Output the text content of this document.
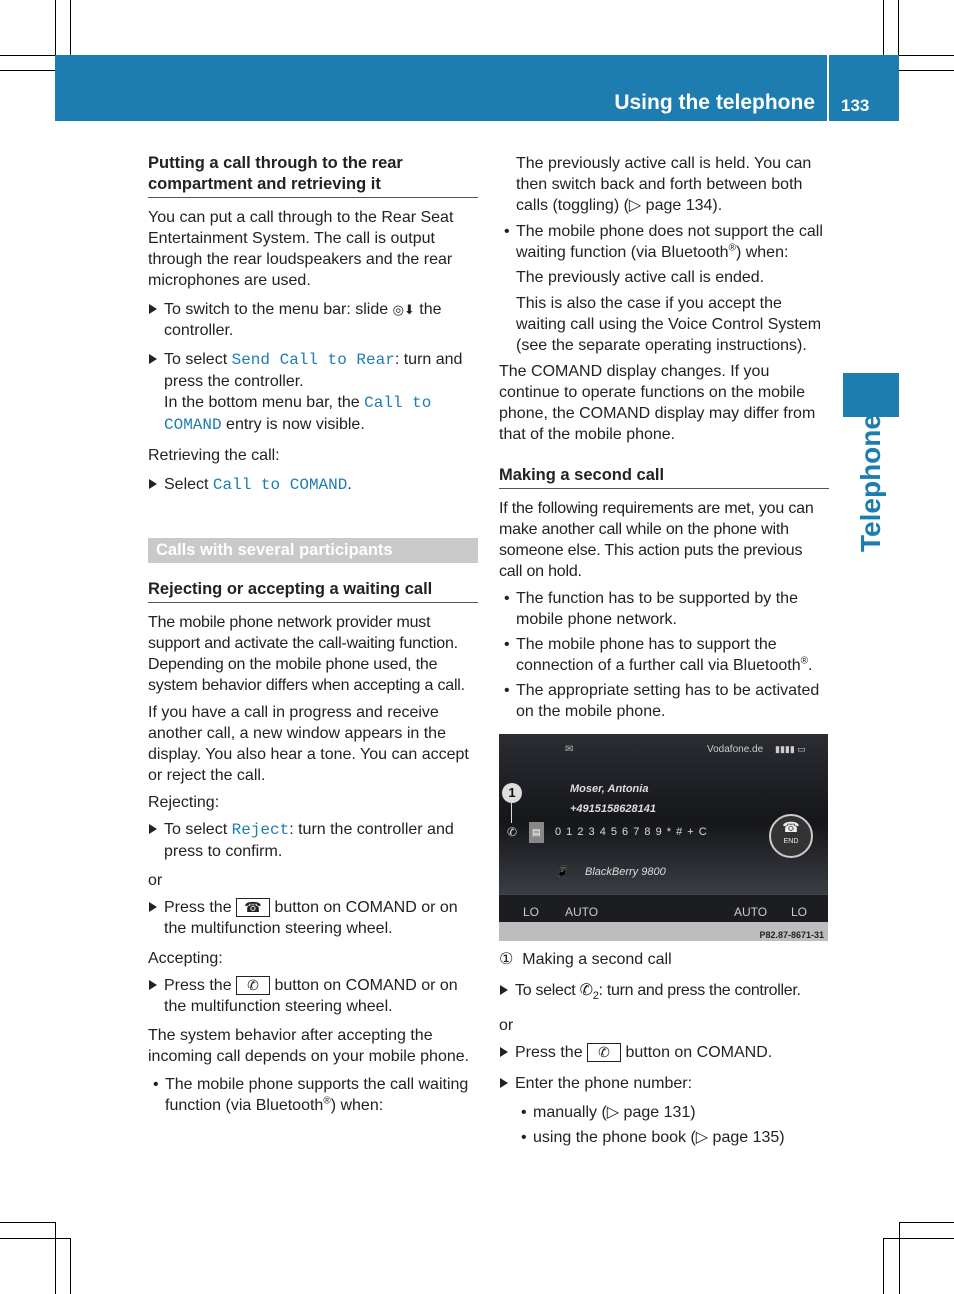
Using the telephone 133
Telephone
Putting a call through to the rear compartment and retrieving it

You can put a call through to the Rear Seat Entertainment System. The call is output through the rear loudspeakers and the rear microphones are used.

To switch to the menu bar: slide ◎⬇ the controller.
To select Send Call to Rear: turn and press the controller.
In the bottom menu bar, the Call to COMAND entry is now visible.

Retrieving the call:

Select Call to COMAND.
Calls with several participants
Rejecting or accepting a waiting call

The mobile phone network provider must support and activate the call-waiting function. Depending on the mobile phone used, the system behavior differs when accepting a call.

If you have a call in progress and receive another call, a new window appears in the display. You also hear a tone. You can accept or reject the call.

Rejecting:

To select Reject: turn the controller and press to confirm.

or

Press the ☎ button on COMAND or on the multifunction steering wheel.

Accepting:

Press the ✆ button on COMAND or on the multifunction steering wheel.

The system behavior after accepting the incoming call depends on your mobile phone.

• The mobile phone supports the call waiting function (via Bluetooth®) when:

The previously active call is held. You can then switch back and forth between both calls (toggling) (▷ page 134).

• The mobile phone does not support the call waiting function (via Bluetooth®) when:

The previously active call is ended.

This is also the case if you accept the waiting call using the Voice Control System (see the separate operating instructions).

The COMAND display changes. If you continue to operate functions on the mobile phone, the COMAND display may differ from that of the mobile phone.

Making a second call

If the following requirements are met, you can make another call while on the phone with someone else. This action puts the previous call on hold.

• The function has to be supported by the mobile phone network.
• The mobile phone has to support the connection of a further call via Bluetooth®.
• The appropriate setting has to be activated on the mobile phone.
✉	Vodafone.de ▮▮▮▮ ▭
Moser, Antonia
+4915158628141
1
✆	▤ 0 1 2 3 4 5 6 7 8 9 * # + C	☎
END
📱 BlackBerry 9800
LO AUTO	AUTO LO
P82.87-8671-31

① Making a second call

To select $✆_2$: turn and press the controller.

or

Press the ✆ button on COMAND.
Enter the phone number:
• manually (▷ page 131)
• using the phone book (▷ page 135)
